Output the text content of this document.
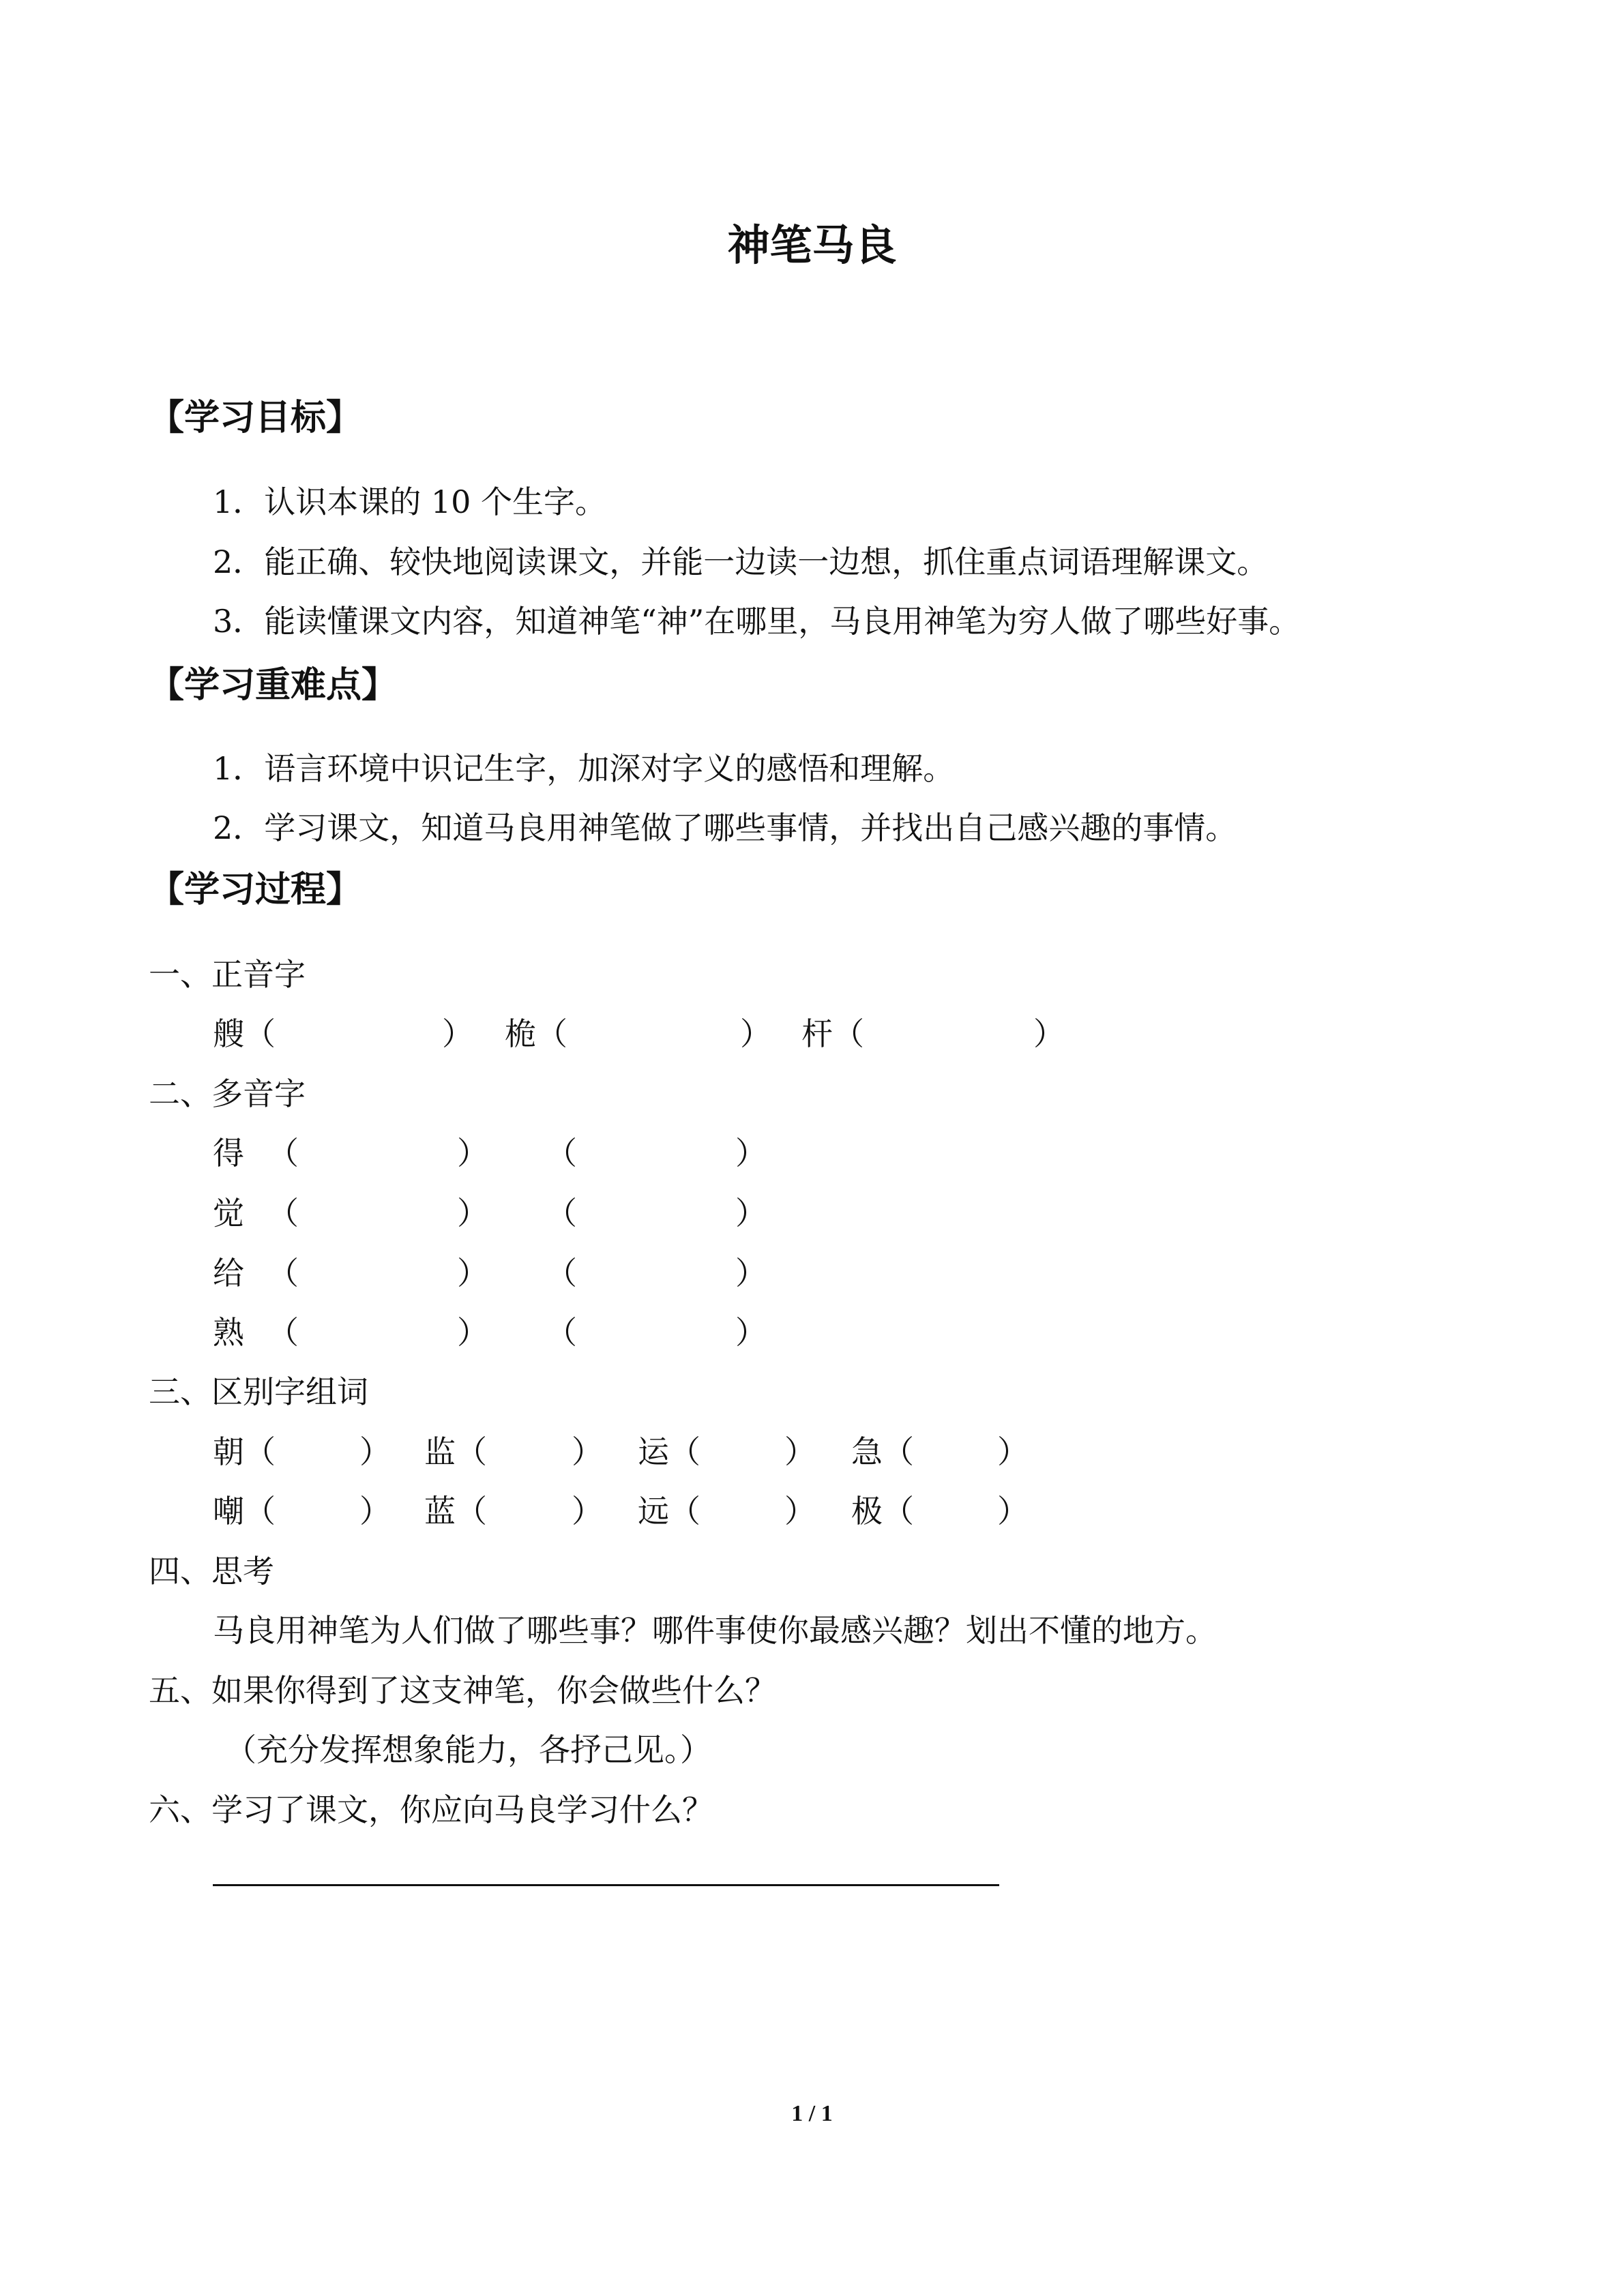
神笔马良
【学习目标】
1．认识本课的 10 个生字。
2．能正确、较快地阅读课文，并能一边读一边想，抓住重点词语理解课文。
3．能读懂课文内容，知道神笔“神”在哪里，马良用神笔为穷人做了哪些好事。
【学习重难点】
1．语言环境中识记生字，加深对字义的感悟和理解。
2．学习课文，知道马良用神笔做了哪些事情，并找出自己感兴趣的事情。
【学习过程】
一、正音字
艘（	） 桅（	） 杆（	）
二、多音字
得 （	） （	）
觉 （	） （	）
给 （	） （	）
熟 （	） （	）
三、区别字组词
朝（	） 监（	） 运（	） 急（	）
嘲（	） 蓝（	） 远（	） 极（	）
四、思考
马良用神笔为人们做了哪些事？哪件事使你最感兴趣？划出不懂的地方。
五、如果你得到了这支神笔，你会做些什么？
（充分发挥想象能力，各抒己见。）
六、学习了课文，你应向马良学习什么？
1 / 1
